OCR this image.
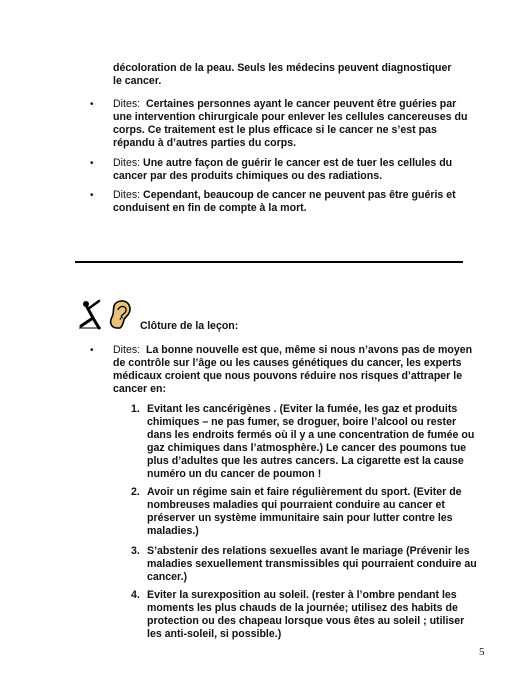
décoloration de la peau. Seuls les médecins peuvent diagnostiquer le cancer.
• Dites: Certaines personnes ayant le cancer peuvent être guéries par une intervention chirurgicale pour enlever les cellules cancereuses du corps. Ce traitement est le plus efficace si le cancer ne s’est pas répandu à d’autres parties du corps.
• Dites: Une autre façon de guérir le cancer est de tuer les cellules du cancer par des produits chimiques ou des radiations.
• Dites: Cependant, beaucoup de cancer ne peuvent pas être guéris et conduisent en fin de compte à la mort.
Clôture de la leçon:
• Dites: La bonne nouvelle est que, même si nous n’avons pas de moyen de contrôle sur l’âge ou les causes génétiques du cancer, les experts médicaux croient que nous pouvons réduire nos risques d’attraper le cancer en:
1. Evitant les cancérigènes . (Eviter la fumée, les gaz et produits chimiques – ne pas fumer, se droguer, boire l’alcool ou rester dans les endroits fermés où il y a une concentration de fumée ou gaz chimiques dans l’atmosphère.) Le cancer des poumons tue plus d’adultes que les autres cancers. La cigarette est la cause numéro un du cancer de poumon !
2. Avoir un régime sain et faire régulièrement du sport. (Eviter de nombreuses maladies qui pourraient conduire au cancer et préserver un système immunitaire sain pour lutter contre les maladies.)
3. S’abstenir des relations sexuelles avant le mariage (Prévenir les maladies sexuellement transmissibles qui pourraient conduire au cancer.)
4. Eviter la surexposition au soleil. (rester à l’ombre pendant les moments les plus chauds de la journée; utilisez des habits de protection ou des chapeau lorsque vous êtes au soleil ; utiliser les anti-soleil, si possible.)
5
